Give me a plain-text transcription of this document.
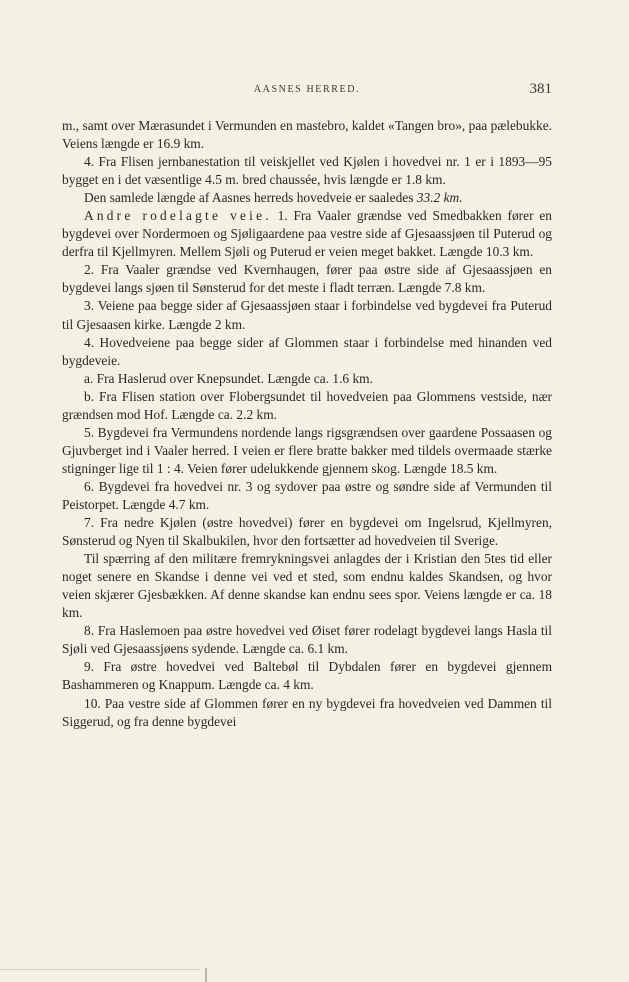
AASNES HERRED.	381

m., samt over Mærasundet i Vermunden en mastebro, kaldet «Tangen bro», paa pælebukke. Veiens længde er 16.9 km.

4. Fra Flisen jernbanestation til veiskjellet ved Kjølen i hovedvei nr. 1 er i 1893—95 bygget en i det væsentlige 4.5 m. bred chaussée, hvis længde er 1.8 km.

Den samlede længde af Aasnes herreds hovedveie er saaledes 33.2 km.

Andre rodelagte veie. 1. Fra Vaaler grændse ved Smedbakken fører en bygdevei over Nordermoen og Sjøligaardene paa vestre side af Gjesaassjøen til Puterud og derfra til Kjellmyren. Mellem Sjøli og Puterud er veien meget bakket. Længde 10.3 km.

2. Fra Vaaler grændse ved Kvernhaugen, fører paa østre side af Gjesaassjøen en bygdevei langs sjøen til Sønsterud for det meste i fladt terræn. Længde 7.8 km.

3. Veiene paa begge sider af Gjesaassjøen staar i forbindelse ved bygdevei fra Puterud til Gjesaasen kirke. Længde 2 km.

4. Hovedveiene paa begge sider af Glommen staar i forbindelse med hinanden ved bygdeveie.

a. Fra Haslerud over Knepsundet. Længde ca. 1.6 km.

b. Fra Flisen station over Flobergsundet til hovedveien paa Glommens vestside, nær grændsen mod Hof. Længde ca. 2.2 km.

5. Bygdevei fra Vermundens nordende langs rigsgrændsen over gaardene Possaasen og Gjuvberget ind i Vaaler herred. I veien er flere bratte bakker med tildels overmaade stærke stigninger lige til 1 : 4. Veien fører udelukkende gjennem skog. Længde 18.5 km.

6. Bygdevei fra hovedvei nr. 3 og sydover paa østre og søndre side af Vermunden til Peistorpet. Længde 4.7 km.

7. Fra nedre Kjølen (østre hovedvei) fører en bygdevei om Ingelsrud, Kjellmyren, Sønsterud og Nyen til Skalbukilen, hvor den fortsætter ad hovedveien til Sverige.

Til spærring af den militære fremrykningsvei anlagdes der i Kristian den 5tes tid eller noget senere en Skandse i denne vei ved et sted, som endnu kaldes Skandsen, og hvor veien skjærer Gjesbækken. Af denne skandse kan endnu sees spor. Veiens længde er ca. 18 km.

8. Fra Haslemoen paa østre hovedvei ved Øiset fører rodelagt bygdevei langs Hasla til Sjøli ved Gjesaassjøens sydende. Længde ca. 6.1 km.

9. Fra østre hovedvei ved Baltebøl til Dybdalen fører en bygdevei gjennem Bashammeren og Knappum. Længde ca. 4 km.

10. Paa vestre side af Glommen fører en ny bygdevei fra hovedveien ved Dammen til Siggerud, og fra denne bygdevei
